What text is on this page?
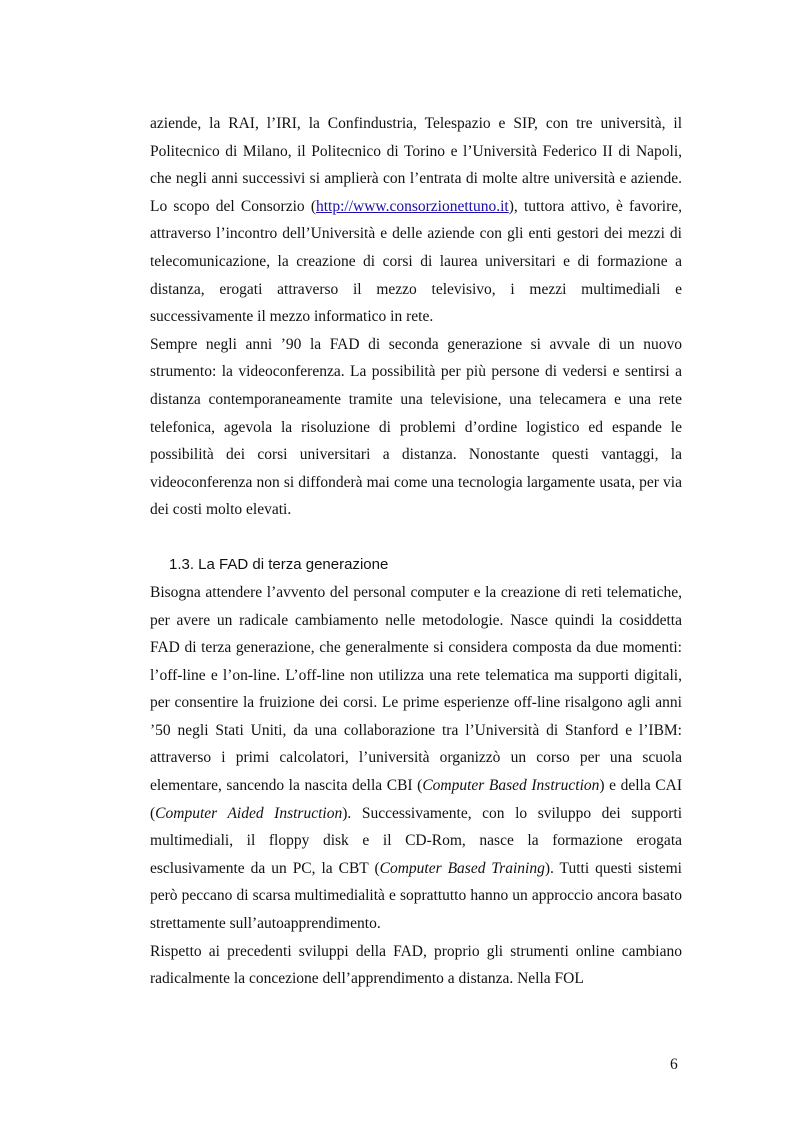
aziende, la RAI, l’IRI, la Confindustria, Telespazio e SIP, con tre università, il Politecnico di Milano, il Politecnico di Torino e l’Università Federico II di Napoli, che negli anni successivi si amplierà con l’entrata di molte altre università e aziende. Lo scopo del Consorzio (http://www.consorzionettuno.it), tuttora attivo, è favorire, attraverso l’incontro dell’Università e delle aziende con gli enti gestori dei mezzi di telecomunicazione, la creazione di corsi di laurea universitari e di formazione a distanza, erogati attraverso il mezzo televisivo, i mezzi multimediali e successivamente il mezzo informatico in rete.

Sempre negli anni ’90 la FAD di seconda generazione si avvale di un nuovo strumento: la videoconferenza. La possibilità per più persone di vedersi e sentirsi a distanza contemporaneamente tramite una televisione, una telecamera e una rete telefonica, agevola la risoluzione di problemi d’ordine logistico ed espande le possibilità dei corsi universitari a distanza. Nonostante questi vantaggi, la videoconferenza non si diffonderà mai come una tecnologia largamente usata, per via dei costi molto elevati.

1.3. La FAD di terza generazione

Bisogna attendere l’avvento del personal computer e la creazione di reti telematiche, per avere un radicale cambiamento nelle metodologie. Nasce quindi la cosiddetta FAD di terza generazione, che generalmente si considera composta da due momenti: l’off-line e l’on-line. L’off-line non utilizza una rete telematica ma supporti digitali, per consentire la fruizione dei corsi. Le prime esperienze off-line risalgono agli anni ’50 negli Stati Uniti, da una collaborazione tra l’Università di Stanford e l’IBM: attraverso i primi calcolatori, l’università organizzò un corso per una scuola elementare, sancendo la nascita della CBI (Computer Based Instruction) e della CAI (Computer Aided Instruction). Successivamente, con lo sviluppo dei supporti multimediali, il floppy disk e il CD-Rom, nasce la formazione erogata esclusivamente da un PC, la CBT (Computer Based Training). Tutti questi sistemi però peccano di scarsa multimedialità e soprattutto hanno un approccio ancora basato strettamente sull’autoapprendimento.

Rispetto ai precedenti sviluppi della FAD, proprio gli strumenti online cambiano radicalmente la concezione dell’apprendimento a distanza. Nella FOL

6
